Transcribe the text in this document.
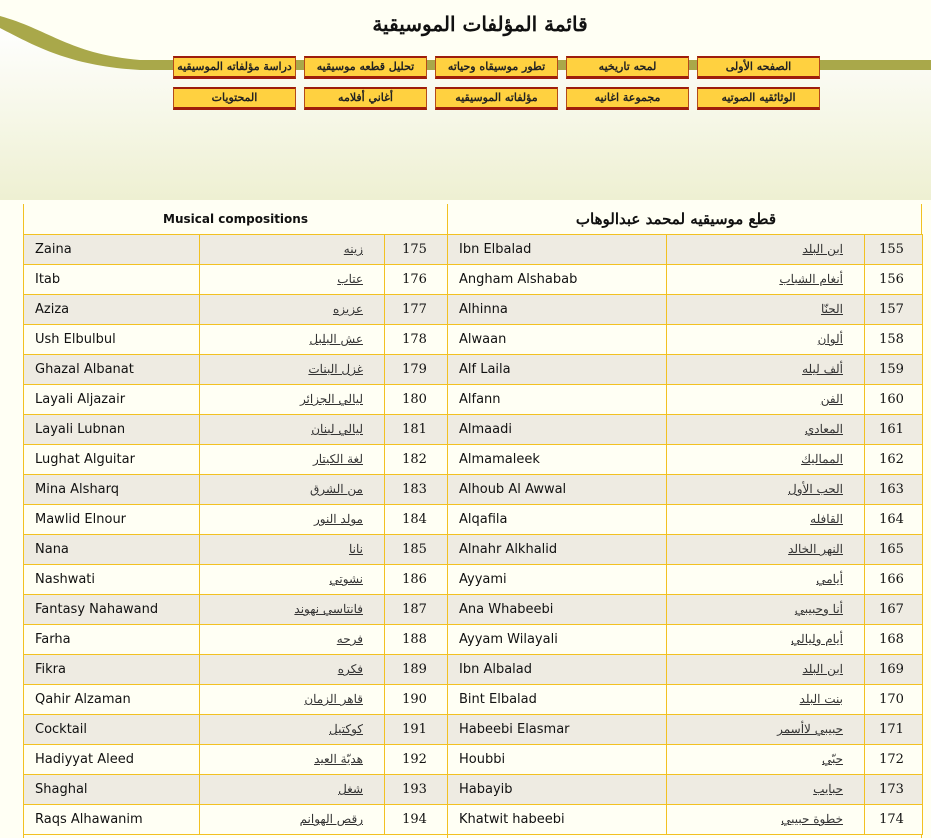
قائمة المؤلفات الموسيقية
الصفحه الأولى
لمحه تاريخيه
تطور موسيقاه وحياته
تحليل قطعه موسيقيه
دراسة مؤلفاته الموسيقيه
الوثائقيه الصوتيه
مجموعة اغانيه
مؤلفاته الموسيقيه
أغاني أفلامه
المحتويات
Musical compositions	قطع موسيقيه لمحمد عبدالوهاب
Zaina	زينه	175
Itab	عتاب	176
Aziza	عزيزه	177
Ush Elbulbul	عش البلبل	178
Ghazal Albanat	غزل البنات	179
Layali Aljazair	ليالي الجزائر	180
Layali Lubnan	ليالي لبنان	181
Lughat Alguitar	لغة الكيتار	182
Mina Alsharq	من الشرق	183
Mawlid Elnour	مولد النور	184
Nana	نانا	185
Nashwati	نشوتي	186
Fantasy Nahawand	فانتاسي نهوند	187
Farha	فرحه	188
Fikra	فكره	189
Qahir Alzaman	قاهر الزمان	190
Cocktail	كوكتيل	191
Hadiyyat Aleed	هديّة العيد	192
Shaghal	شغل	193
Raqs Alhawanim	رقص الهوانم	194
Ibn Elbalad	ابن البلد	155
Angham Alshabab	أنغام الشباب	156
Alhinna	الحنّا	157
Alwaan	ألوان	158
Alf Laila	ألف ليله	159
Alfann	الفن	160
Almaadi	المعادي	161
Almamaleek	المماليك	162
Alhoub Al Awwal	الحب الأول	163
Alqafila	القافله	164
Alnahr Alkhalid	النهر الخالد	165
Ayyami	أيامي	166
Ana Whabeebi	أنا وحبيبي	167
Ayyam Wilayali	أيام وليالي	168
Ibn Albalad	ابن البلد	169
Bint Elbalad	بنت البلد	170
Habeebi Elasmar	حبيبي لاأسمر	171
Houbbi	حبّي	172
Habayib	حبايب	173
Khatwit habeebi	خطوة حبيبي	174
